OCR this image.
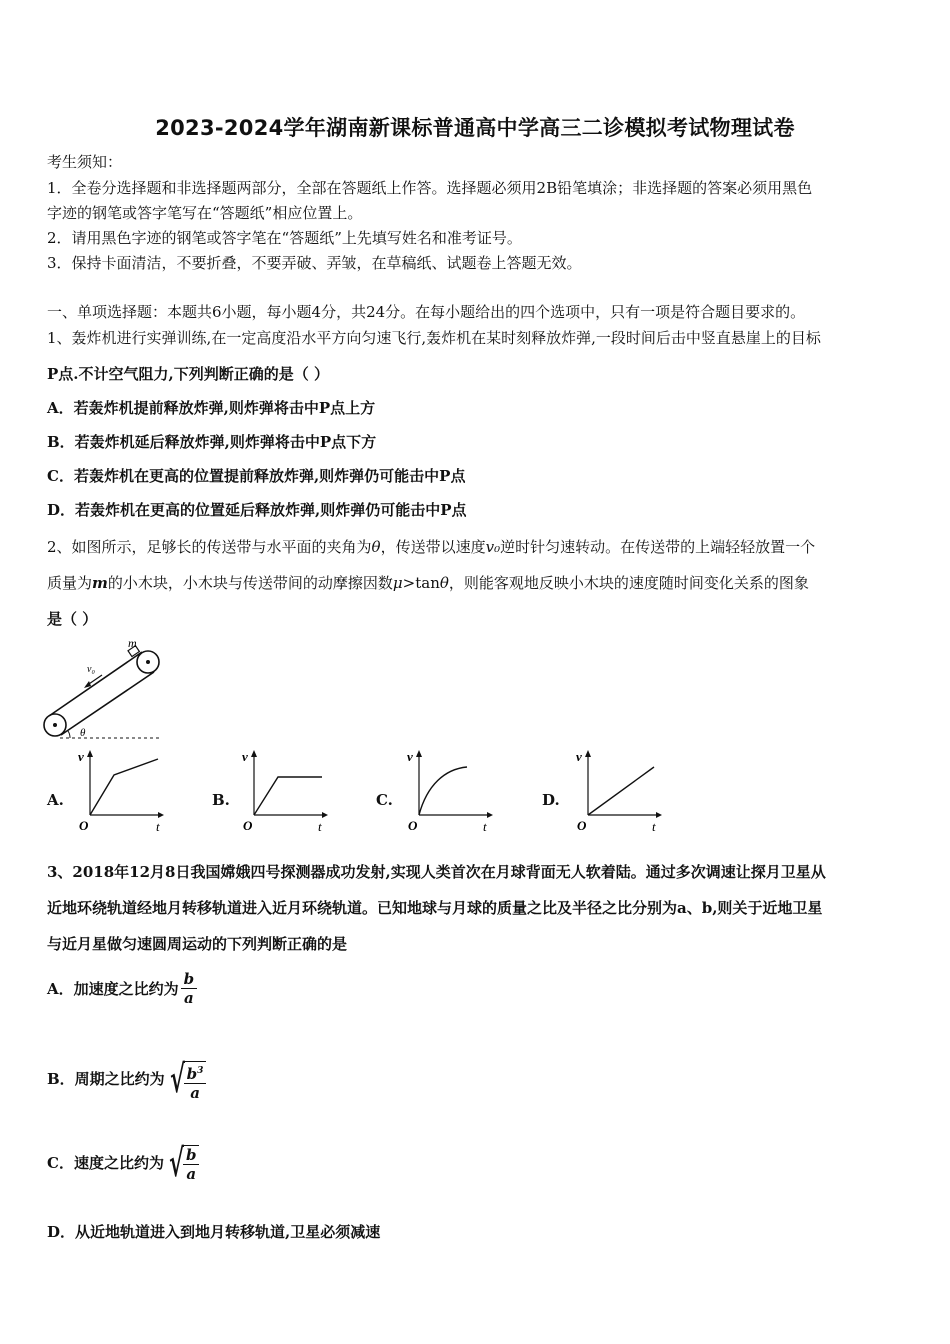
2023-2024学年湖南新课标普通高中学高三二诊模拟考试物理试卷
考生须知：
1．全卷分选择题和非选择题两部分，全部在答题纸上作答。选择题必须用2B铅笔填涂；非选择题的答案必须用黑色
字迹的钢笔或答字笔写在“答题纸”相应位置上。
2．请用黑色字迹的钢笔或答字笔在“答题纸”上先填写姓名和准考证号。
3．保持卡面清洁，不要折叠，不要弄破、弄皱，在草稿纸、试题卷上答题无效。
一、单项选择题：本题共6小题，每小题4分，共24分。在每小题给出的四个选项中，只有一项是符合题目要求的。
1、轰炸机进行实弹训练,在一定高度沿水平方向匀速飞行,轰炸机在某时刻释放炸弹,一段时间后击中竖直悬崖上的目标
P点.不计空气阻力,下列判断正确的是（ ）
A．若轰炸机提前释放炸弹,则炸弹将击中P点上方
B．若轰炸机延后释放炸弹,则炸弹将击中P点下方
C．若轰炸机在更高的位置提前释放炸弹,则炸弹仍可能击中P点
D．若轰炸机在更高的位置延后释放炸弹,则炸弹仍可能击中P点
2、如图所示，足够长的传送带与水平面的夹角为θ，传送带以速度v₀逆时针匀速转动。在传送带的上端轻轻放置一个
质量为m的小木块，小木块与传送带间的动摩擦因数μ>tanθ，则能客观地反映小木块的速度随时间变化关系的图象
是（ ）
m
v₀
θ
A.
v
O	t
B.
v
O	t
C.
v
O	t
D.
v
O	t
3、2018年12月8日我国嫦娥四号探测器成功发射,实现人类首次在月球背面无人软着陆。通过多次调速让探月卫星从
近地环绕轨道经地月转移轨道进入近月环绕轨道。已知地球与月球的质量之比及半径之比分别为a、b,则关于近地卫星
与近月星做匀速圆周运动的下列判断正确的是
A．加速度之比约为 $\frac{b}{a}$
B．周期之比约为 √
$\frac{b^3}{a}$
C．速度之比约为 √
$\frac{b}{a}$
D．从近地轨道进入到地月转移轨道,卫星必须减速
